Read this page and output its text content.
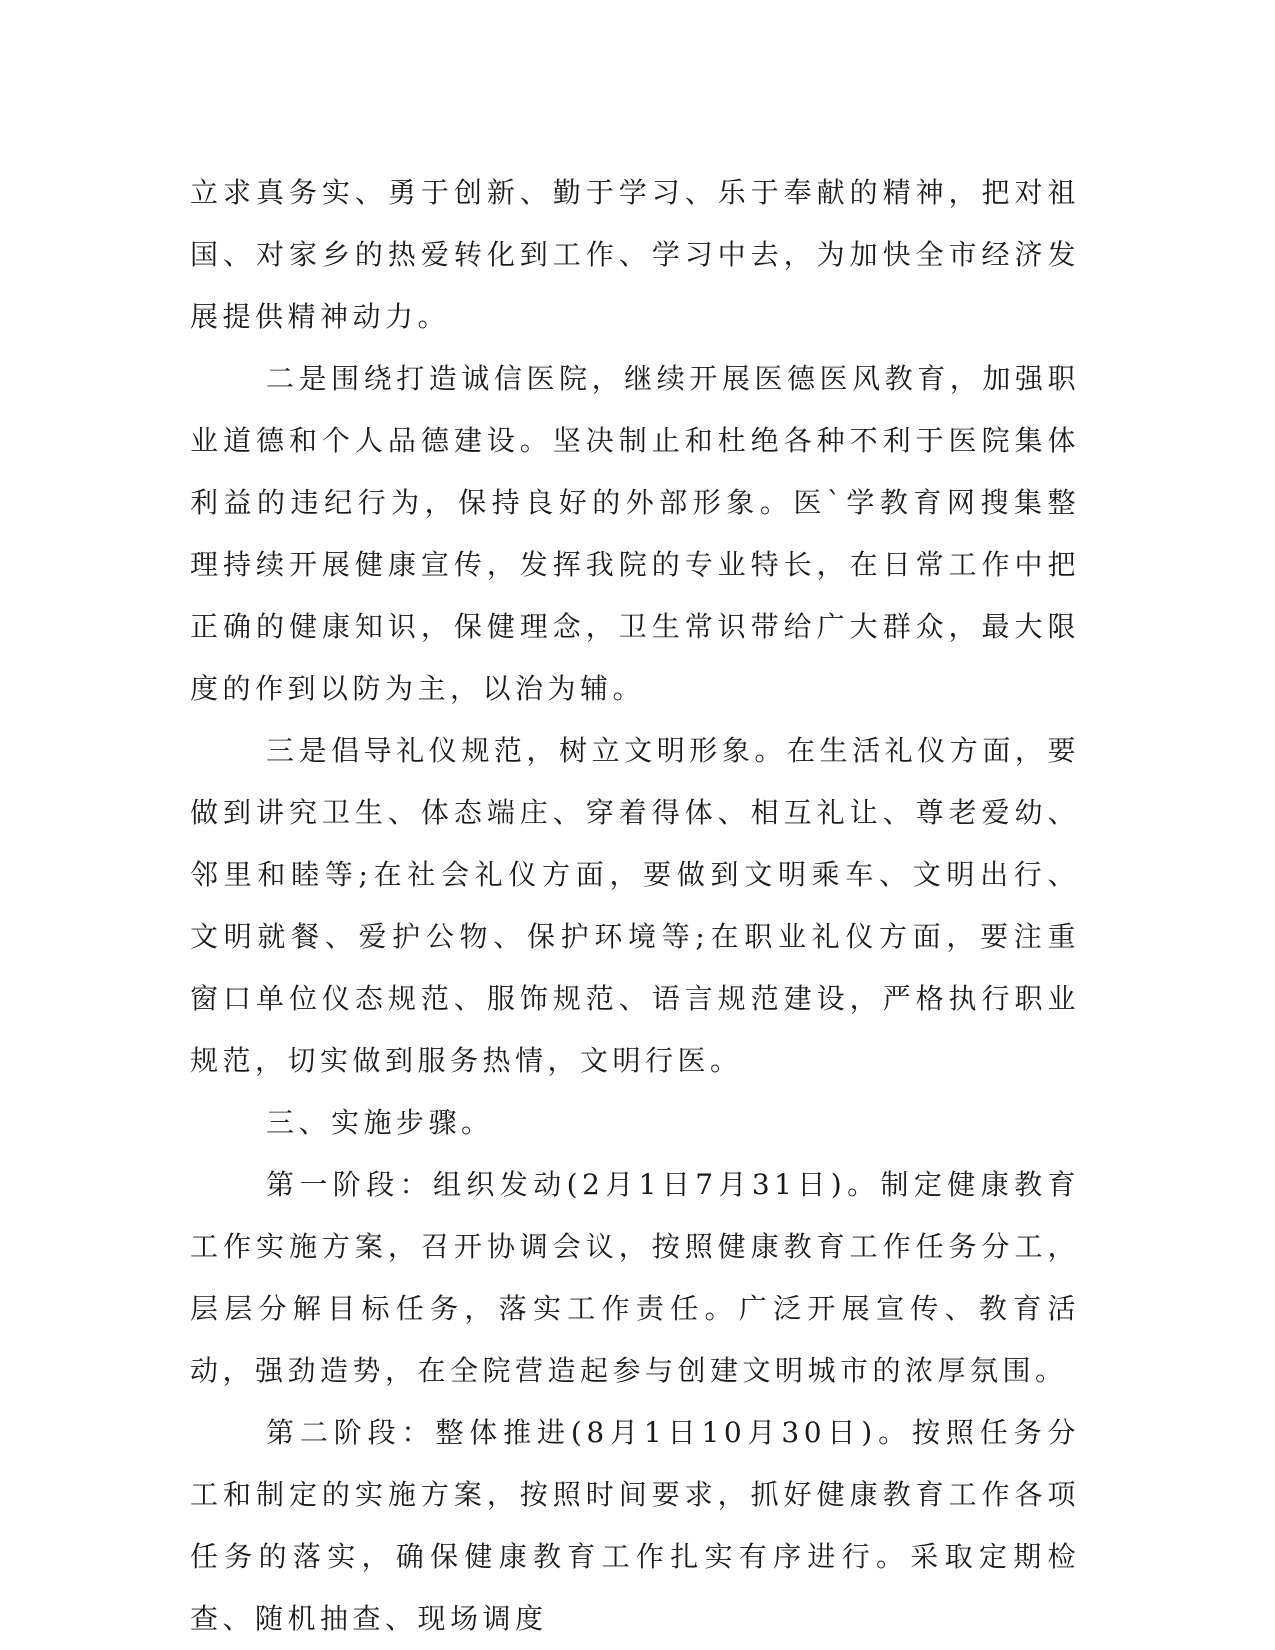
立求真务实、勇于创新、勤于学习、乐于奉献的精神，把对祖国、对家乡的热爱转化到工作、学习中去，为加快全市经济发展提供精神动力。

二是围绕打造诚信医院，继续开展医德医风教育，加强职业道德和个人品德建设。坚决制止和杜绝各种不利于医院集体利益的违纪行为，保持良好的外部形象。医`学教育网搜集整理持续开展健康宣传，发挥我院的专业特长，在日常工作中把正确的健康知识，保健理念，卫生常识带给广大群众，最大限度的作到以防为主，以治为辅。

三是倡导礼仪规范，树立文明形象。在生活礼仪方面，要做到讲究卫生、体态端庄、穿着得体、相互礼让、尊老爱幼、邻里和睦等;在社会礼仪方面，要做到文明乘车、文明出行、文明就餐、爱护公物、保护环境等;在职业礼仪方面，要注重窗口单位仪态规范、服饰规范、语言规范建设，严格执行职业规范，切实做到服务热情，文明行医。

三、实施步骤。

第一阶段：组织发动(2月1日7月31日)。制定健康教育工作实施方案，召开协调会议，按照健康教育工作任务分工，层层分解目标任务，落实工作责任。广泛开展宣传、教育活动，强劲造势，在全院营造起参与创建文明城市的浓厚氛围。

第二阶段：整体推进(8月1日10月30日)。按照任务分工和制定的实施方案，按照时间要求，抓好健康教育工作各项任务的落实，确保健康教育工作扎实有序进行。采取定期检查、随机抽查、现场调度
